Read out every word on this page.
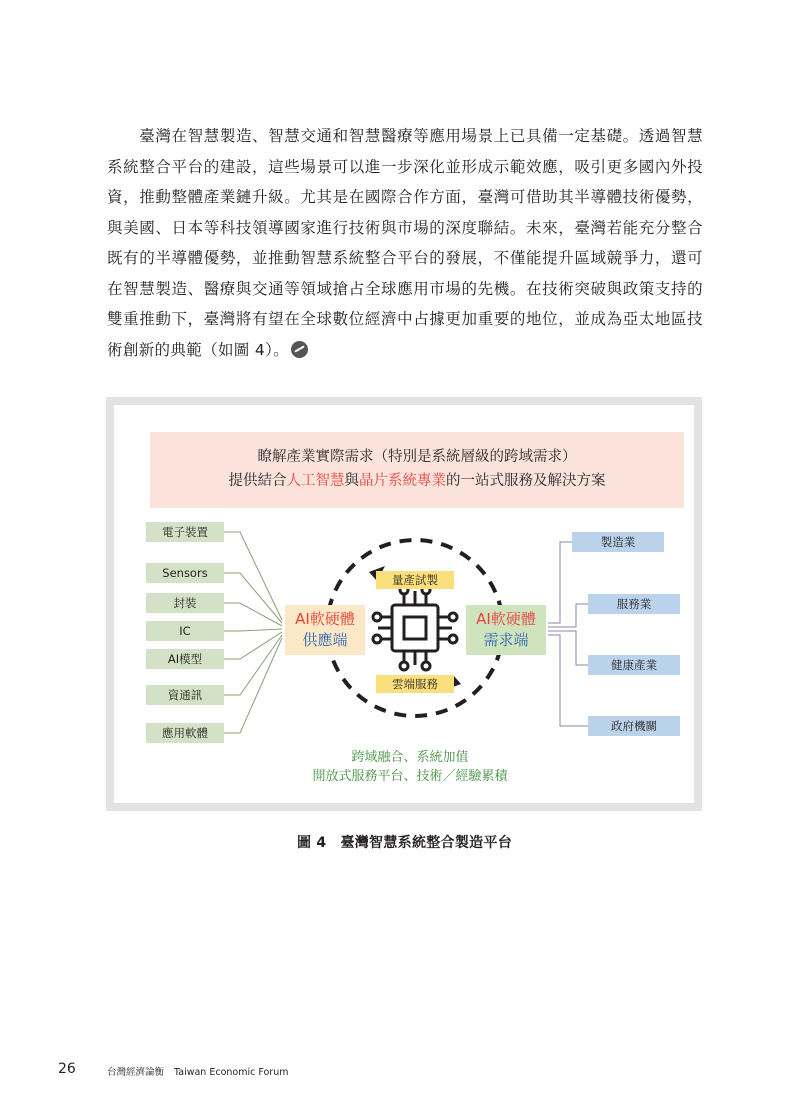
臺灣在智慧製造、智慧交通和智慧醫療等應用場景上已具備一定基礎。透過智慧系統整合平台的建設，這些場景可以進一步深化並形成示範效應，吸引更多國內外投資，推動整體產業鏈升級。尤其是在國際合作方面，臺灣可借助其半導體技術優勢，與美國、日本等科技領導國家進行技術與市場的深度聯結。未來，臺灣若能充分整合既有的半導體優勢，並推動智慧系統整合平台的發展，不僅能提升區域競爭力，還可在智慧製造、醫療與交通等領域搶占全球應用市場的先機。在技術突破與政策支持的雙重推動下，臺灣將有望在全球數位經濟中占據更加重要的地位，並成為亞太地區技術創新的典範（如圖 4）。

瞭解產業實際需求（特別是系統層級的跨域需求）
提供結合人工智慧與晶片系統專業的一站式服務及解決方案
電子裝置
Sensors
封裝
IC
AI模型
資通訊
應用軟體
製造業
服務業
健康產業
政府機關
AI軟硬體
供應端
AI軟硬體
需求端
量產試製
雲端服務
跨域融合、系統加值
開放式服務平台、技術／經驗累積
圖 4 臺灣智慧系統整合製造平台
26	台灣經濟論衡 Taiwan Economic Forum
